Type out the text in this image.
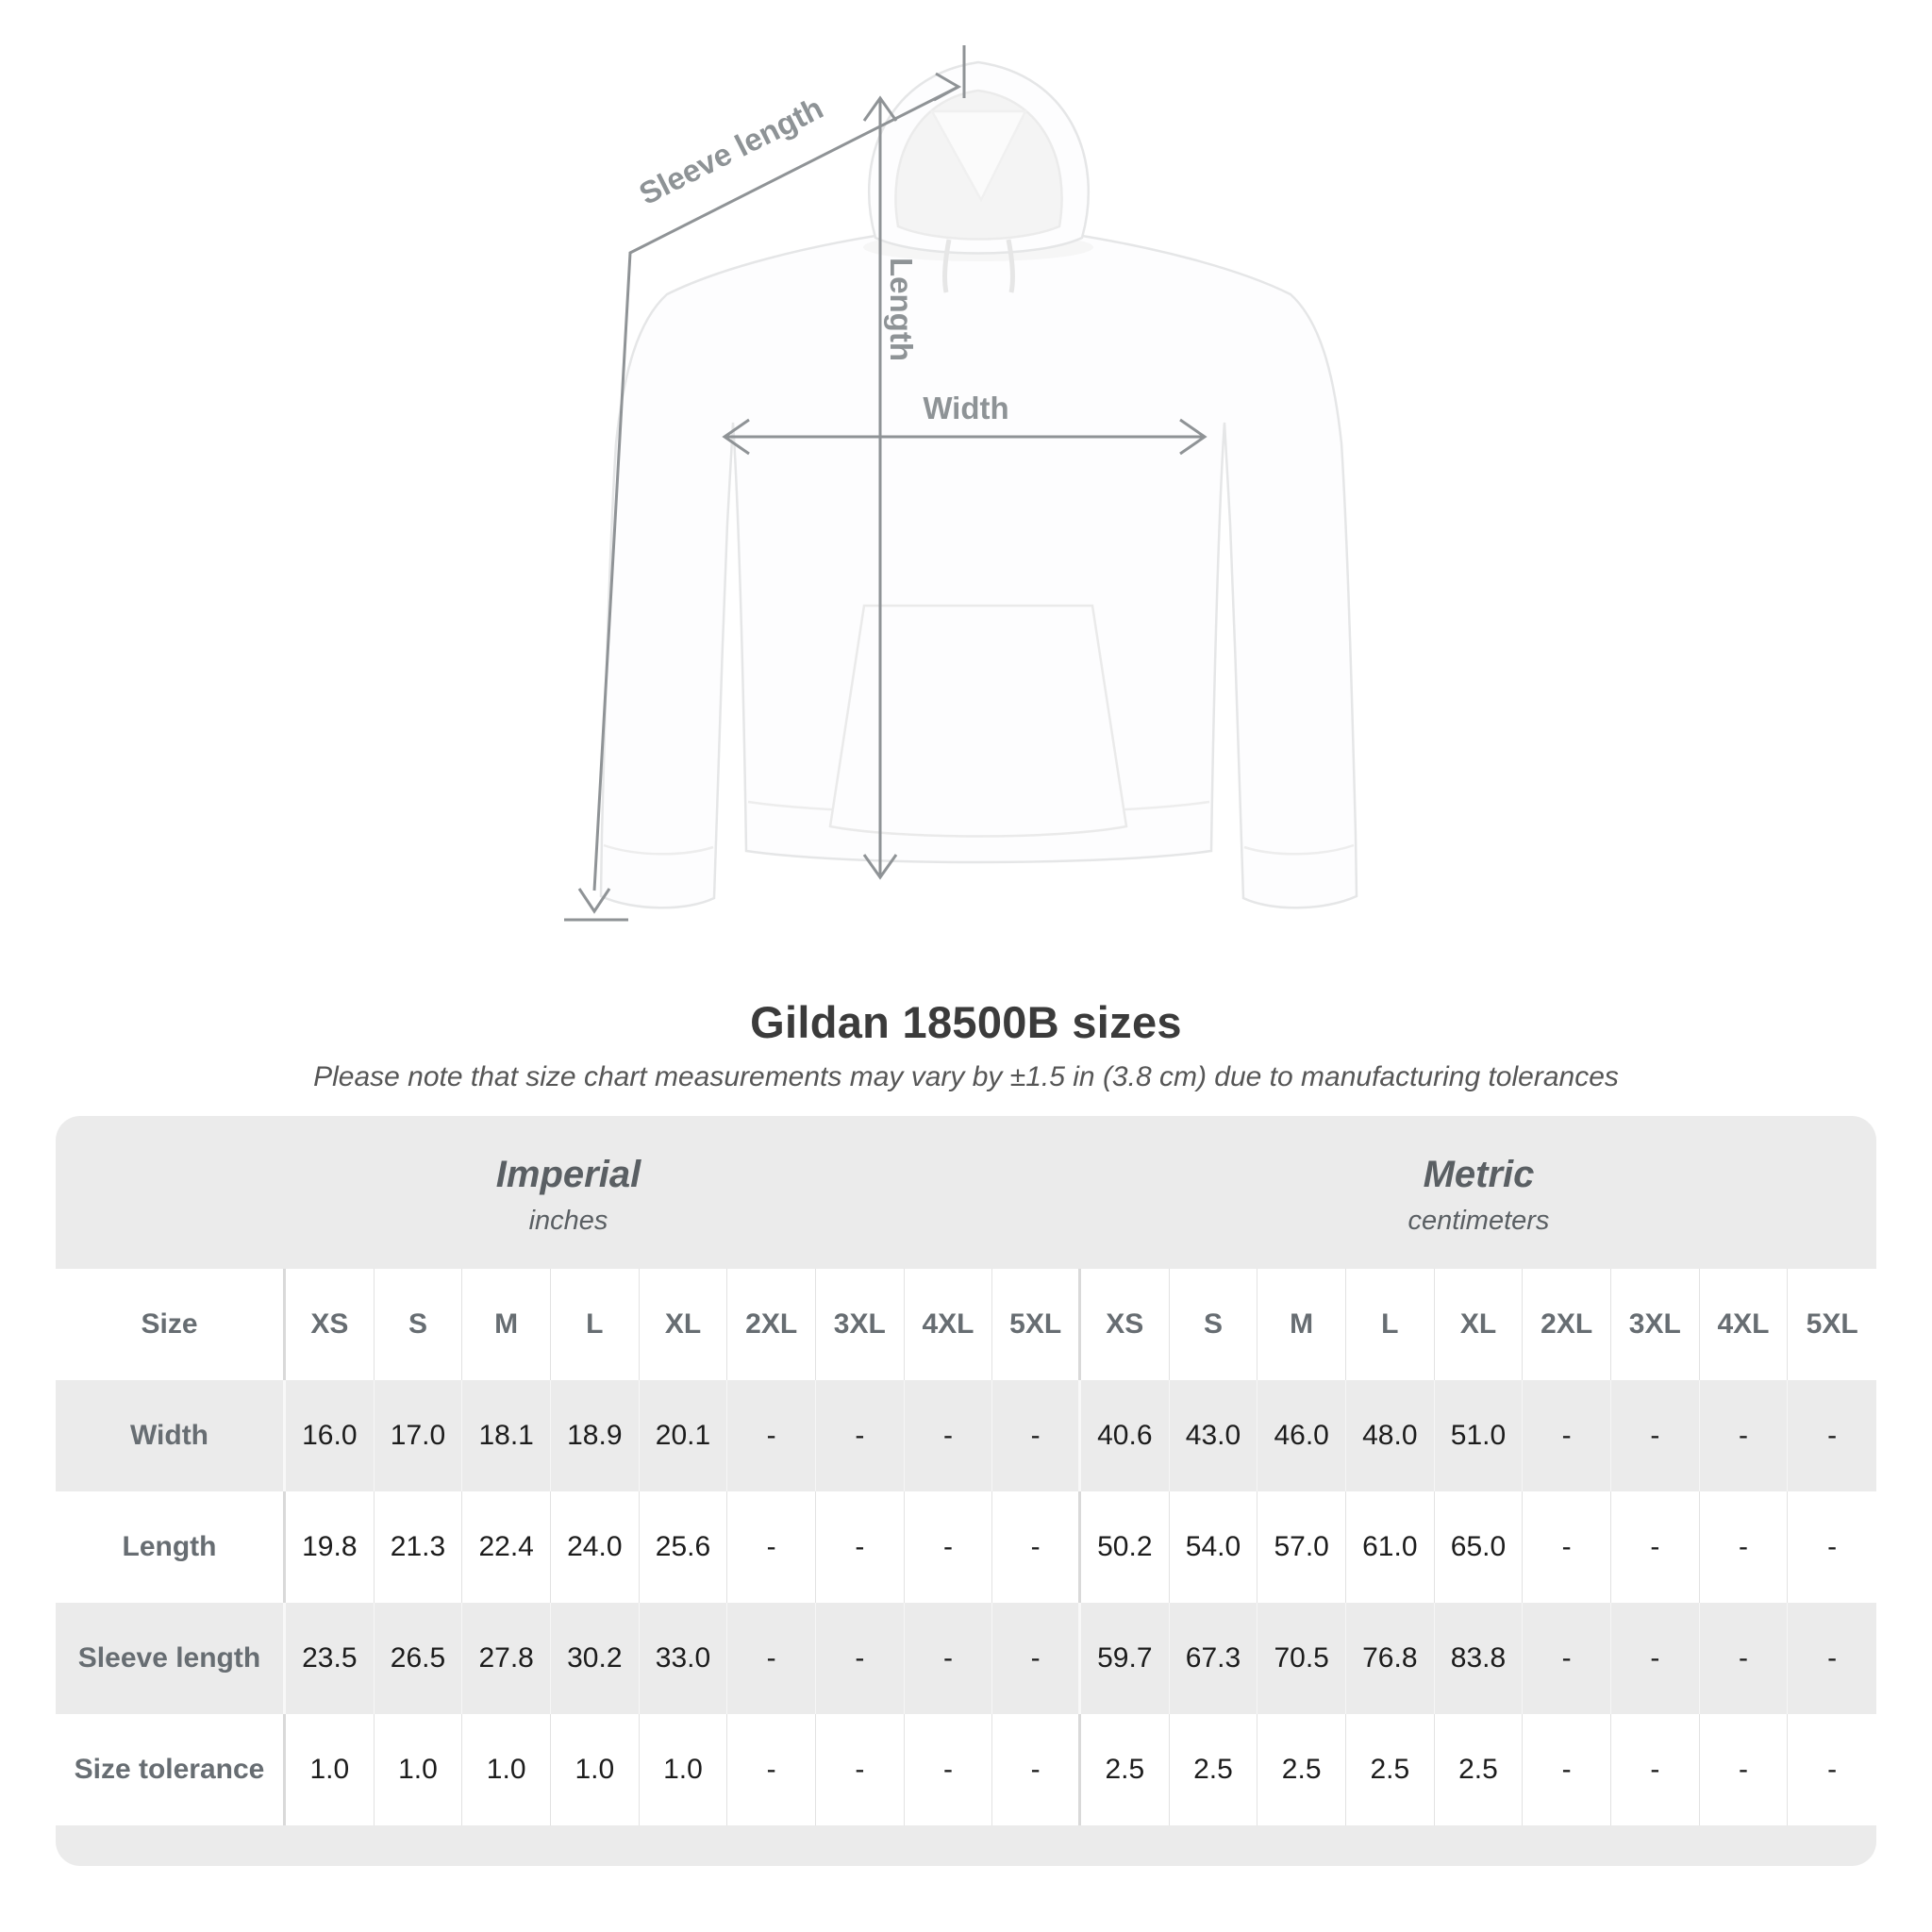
Sleeve length
Length
Width
Gildan 18500B sizes
Please note that size chart measurements may vary by ±1.5 in (3.8 cm) due to manufacturing tolerances
Imperial
inches
Metric
centimeters
Size	XS	S	M	L	XL	2XL	3XL	4XL	5XL	XS	S	M	L	XL	2XL	3XL	4XL	5XL
Width	16.0	17.0	18.1	18.9	20.1	-	-	-	-	40.6	43.0	46.0	48.0	51.0	-	-	-	-
Length	19.8	21.3	22.4	24.0	25.6	-	-	-	-	50.2	54.0	57.0	61.0	65.0	-	-	-	-
Sleeve length	23.5	26.5	27.8	30.2	33.0	-	-	-	-	59.7	67.3	70.5	76.8	83.8	-	-	-	-
Size tolerance	1.0	1.0	1.0	1.0	1.0	-	-	-	-	2.5	2.5	2.5	2.5	2.5	-	-	-	-
